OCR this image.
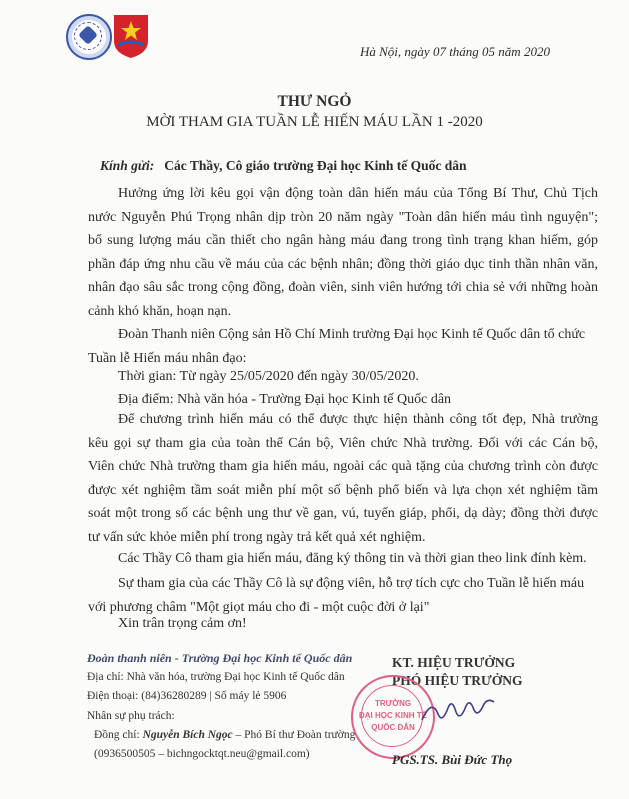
Hà Nội, ngày 07 tháng 05 năm 2020
THƯ NGỎ
MỜI THAM GIA TUẦN LỄ HIẾN MÁU LẦN 1 -2020
Kính gửi: Các Thầy, Cô giáo trường Đại học Kinh tế Quốc dân
Hưởng ứng lời kêu gọi vận động toàn dân hiến máu của Tổng Bí Thư, Chủ Tịch
nước Nguyễn Phú Trọng nhân dịp tròn 20 năm ngày "Toàn dân hiến máu tình nguyện";
bổ sung lượng máu cần thiết cho ngân hàng máu đang trong tình trạng khan hiếm, góp
phần đáp ứng nhu cầu về máu của các bệnh nhân; đồng thời giáo dục tinh thần nhân văn,
nhân đạo sâu sắc trong cộng đồng, đoàn viên, sinh viên hướng tới chia sẻ với những hoàn
cảnh khó khăn, hoạn nạn.
Đoàn Thanh niên Cộng sản Hồ Chí Minh trường Đại học Kinh tế Quốc dân tổ chức
Tuần lễ Hiến máu nhân đạo:
Thời gian: Từ ngày 25/05/2020 đến ngày 30/05/2020.
Địa điểm: Nhà văn hóa - Trường Đại học Kinh tế Quốc dân
Để chương trình hiến máu có thể được thực hiện thành công tốt đẹp, Nhà trường
kêu gọi sự tham gia của toàn thể Cán bộ, Viên chức Nhà trường. Đối với các Cán bộ,
Viên chức Nhà trường tham gia hiến máu, ngoài các quà tặng của chương trình còn được
được xét nghiệm tầm soát miễn phí một số bệnh phổ biến và lựa chọn xét nghiệm tầm
soát một trong số các bệnh ung thư về gan, vú, tuyến giáp, phổi, dạ dày; đồng thời được
tư vấn sức khỏe miễn phí trong ngày trả kết quả xét nghiệm.
Các Thầy Cô tham gia hiến máu, đăng ký thông tin và thời gian theo link đính kèm.
Sự tham gia của các Thầy Cô là sự động viên, hỗ trợ tích cực cho Tuần lễ hiến máu
với phương châm "Một giọt máu cho đi - một cuộc đời ở lại"
Xin trân trọng cảm ơn!
Đoàn thanh niên - Trường Đại học Kinh tế Quốc dân
Địa chỉ: Nhà văn hóa, trường Đại học Kinh tế Quốc dân
Điện thoại: (84)36280289 | Số máy lẻ 5906
Nhân sự phụ trách:
Đồng chí: Nguyễn Bích Ngọc – Phó Bí thư Đoàn trường
(0936500505 – bichngocktqt.neu@gmail.com)
KT. HIỆU TRƯỞNG
PHÓ HIỆU TRƯỞNG
TRƯỜNG
ĐẠI HỌC KINH TẾ
QUỐC DÂN
PGS.TS. Bùi Đức Thọ
